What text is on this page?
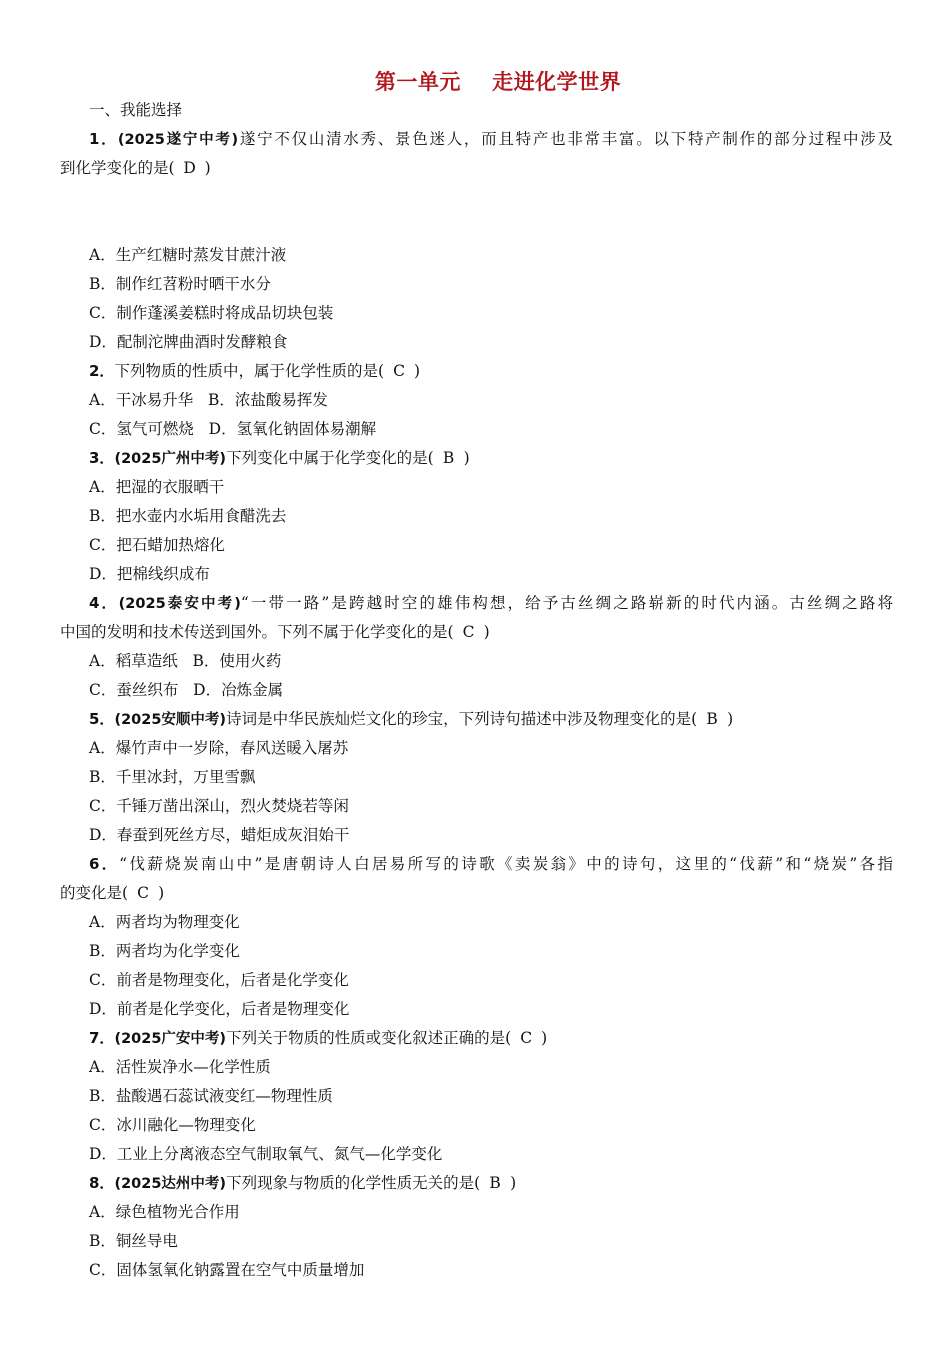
第一单元    走进化学世界
一、我能选择
1．(2025遂宁中考)遂宁不仅山清水秀、景色迷人，而且特产也非常丰富。以下特产制作的部分过程中涉及
到化学变化的是( D )
A．生产红糖时蒸发甘蔗汁液
B．制作红苕粉时晒干水分
C．制作蓬溪姜糕时将成品切块包装
D．配制沱牌曲酒时发酵粮食
2．下列物质的性质中，属于化学性质的是( C )
A．干冰易升华   B．浓盐酸易挥发
C．氢气可燃烧   D．氢氧化钠固体易潮解
3．(2025广州中考)下列变化中属于化学变化的是( B )
A．把湿的衣服晒干
B．把水壶内水垢用食醋洗去
C．把石蜡加热熔化
D．把棉线织成布
4．(2025泰安中考)“一带一路”是跨越时空的雄伟构想，给予古丝绸之路崭新的时代内涵。古丝绸之路将
中国的发明和技术传送到国外。下列不属于化学变化的是( C )
A．稻草造纸   B．使用火药
C．蚕丝织布   D．冶炼金属
5．(2025安顺中考)诗词是中华民族灿烂文化的珍宝，下列诗句描述中涉及物理变化的是( B )
A．爆竹声中一岁除，春风送暖入屠苏
B．千里冰封，万里雪飘
C．千锤万凿出深山，烈火焚烧若等闲
D．春蚕到死丝方尽，蜡炬成灰泪始干
6．“伐薪烧炭南山中”是唐朝诗人白居易所写的诗歌《卖炭翁》中的诗句，这里的“伐薪”和“烧炭”各指
的变化是( C )
A．两者均为物理变化
B．两者均为化学变化
C．前者是物理变化，后者是化学变化
D．前者是化学变化，后者是物理变化
7．(2025广安中考)下列关于物质的性质或变化叙述正确的是( C )
A．活性炭净水—化学性质
B．盐酸遇石蕊试液变红—物理性质
C．冰川融化—物理变化
D．工业上分离液态空气制取氧气、氮气—化学变化
8．(2025达州中考)下列现象与物质的化学性质无关的是( B )
A．绿色植物光合作用
B．铜丝导电
C．固体氢氧化钠露置在空气中质量增加
